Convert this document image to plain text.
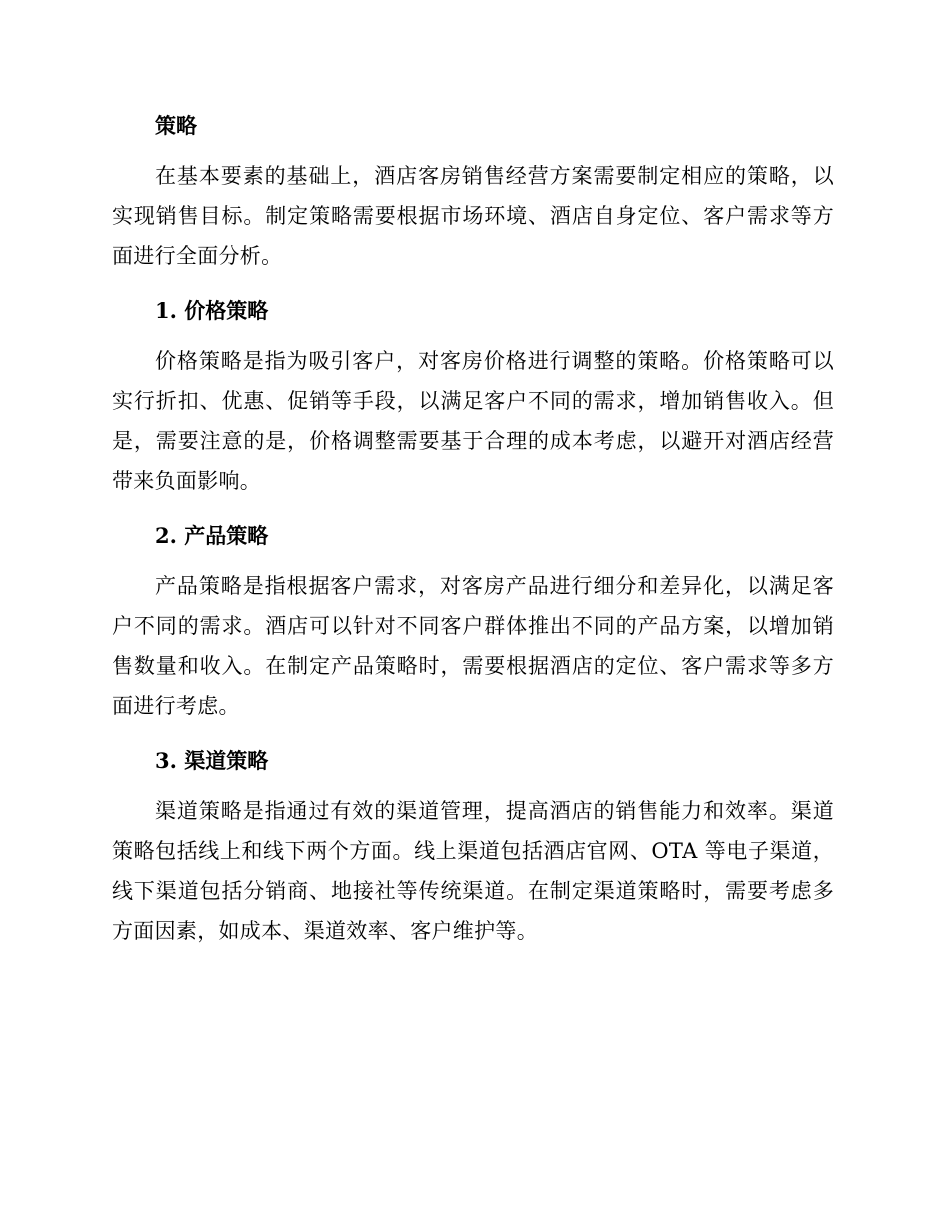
策略

在基本要素的基础上，酒店客房销售经营方案需要制定相应的策略，以实现销售目标。制定策略需要根据市场环境、酒店自身定位、客户需求等方面进行全面分析。

1. 价格策略

价格策略是指为吸引客户，对客房价格进行调整的策略。价格策略可以实行折扣、优惠、促销等手段，以满足客户不同的需求，增加销售收入。但是，需要注意的是，价格调整需要基于合理的成本考虑，以避开对酒店经营带来负面影响。

2. 产品策略

产品策略是指根据客户需求，对客房产品进行细分和差异化，以满足客户不同的需求。酒店可以针对不同客户群体推出不同的产品方案，以增加销售数量和收入。在制定产品策略时，需要根据酒店的定位、客户需求等多方面进行考虑。

3. 渠道策略

渠道策略是指通过有效的渠道管理，提高酒店的销售能力和效率。渠道策略包括线上和线下两个方面。线上渠道包括酒店官网、OTA 等电子渠道，线下渠道包括分销商、地接社等传统渠道。在制定渠道策略时，需要考虑多方面因素，如成本、渠道效率、客户维护等。
